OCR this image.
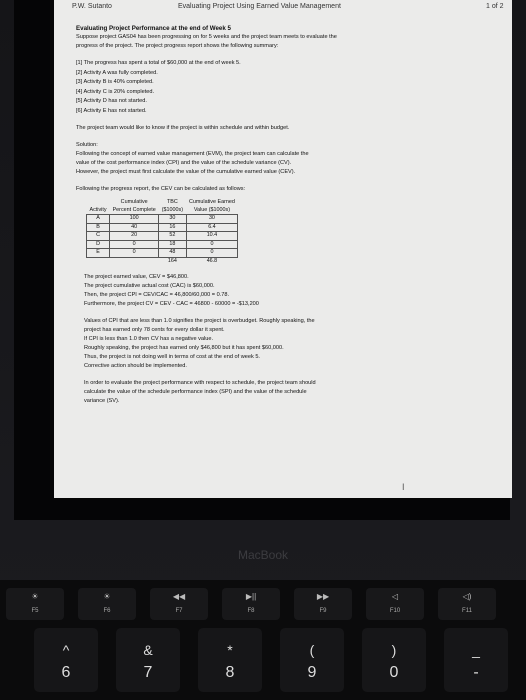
P.W. Sutanto	Evaluating Project Using Earned Value Management	1 of 2

Evaluating Project Performance at the end of Week 5

Suppose project GAS04 has been progressing on for 5 weeks and the project team meets to evaluate the

progress of the project. The project progress report shows the following summary:

[1] The progress has spent a total of $60,000 at the end of week 5.
[2] Activity A was fully completed.
[3] Activity B is 40% completed.
[4] Activity C is 20% completed.
[5] Activity D has not started.
[6] Activity E has not started.

The project team would like to know if the project is within schedule and within budget.

Solution:

Following the concept of earned value management (EVM), the project team can calculate the

value of the cost performance index (CPI) and the value of the schedule variance (CV).

However, the project must first calculate the value of the cumulative earned value (CEV).

Following the progress report, the CEV can be calculated as follows:

	Cumulative	TBC	Cumulative Earned
Activity	Percent Complete	($1000s)	Value ($1000s)
A	100	30	30
B	40	16	6.4
C	20	52	10.4
D	0	18	0
E	0	48	0
		164	46.8

The project earned value, CEV = $46,800.

The project cumulative actual cost (CAC) is $60,000.

Then, the project CPI = CEV/CAC = 46,800/60,000 = 0.78.

Furthermore, the project CV = CEV - CAC = 46800 - 60000 = -$13,200

Values of CPI that are less than 1.0 signifies the project is overbudget. Roughly speaking, the

project has earned only 78 cents for every dollar it spent.

If CPI is less than 1.0 then CV has a negative value.

Roughly speaking, the project has earned only $46,800 but it has spent $60,000.

Thus, the project is not doing well in terms of cost at the end of week 5.

Corrective action should be implemented.

In order to evaluate the project performance with respect to schedule, the project team should

calculate the value of the schedule performance index (SPI) and the value of the schedule

variance (SV).

I
MacBook
☀
F5
☀
F6
◀◀
F7
▶||
F8
▶▶
F9
◁
F10
◁)
F11
^
6
&
7
*
8
(
9
)
0
_
-
